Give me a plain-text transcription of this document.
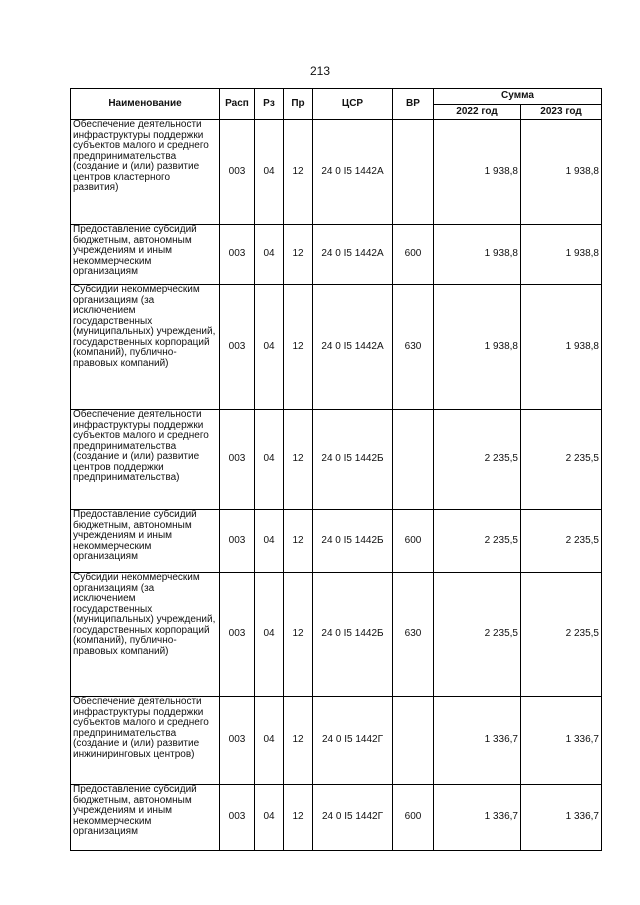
213
Наименование	Расп	Рз	Пр	ЦСР	ВР	Сумма	
						2022 год	2023 год
Обеспечение деятельности инфраструктуры поддержки субъектов малого и среднего предпринимательства (создание и (или) развитие центров кластерного развития)	003	04	12	24 0 I5 1442А		1 938,8	1 938,8
Предоставление субсидий бюджетным, автономным учреждениям и иным некоммерческим организациям	003	04	12	24 0 I5 1442А	600	1 938,8	1 938,8
Субсидии некоммерческим организациям (за исключением государственных (муниципальных) учреждений, государственных корпораций (компаний), публично-правовых компаний)	003	04	12	24 0 I5 1442А	630	1 938,8	1 938,8
Обеспечение деятельности инфраструктуры поддержки субъектов малого и среднего предпринимательства (создание и (или) развитие центров поддержки предпринимательства)	003	04	12	24 0 I5 1442Б		2 235,5	2 235,5
Предоставление субсидий бюджетным, автономным учреждениям и иным некоммерческим организациям	003	04	12	24 0 I5 1442Б	600	2 235,5	2 235,5
Субсидии некоммерческим организациям (за исключением государственных (муниципальных) учреждений, государственных корпораций (компаний), публично-правовых компаний)	003	04	12	24 0 I5 1442Б	630	2 235,5	2 235,5
Обеспечение деятельности инфраструктуры поддержки субъектов малого и среднего предпринимательства (создание и (или) развитие инжиниринговых центров)	003	04	12	24 0 I5 1442Г		1 336,7	1 336,7
Предоставление субсидий бюджетным, автономным учреждениям и иным некоммерческим организациям	003	04	12	24 0 I5 1442Г	600	1 336,7	1 336,7
